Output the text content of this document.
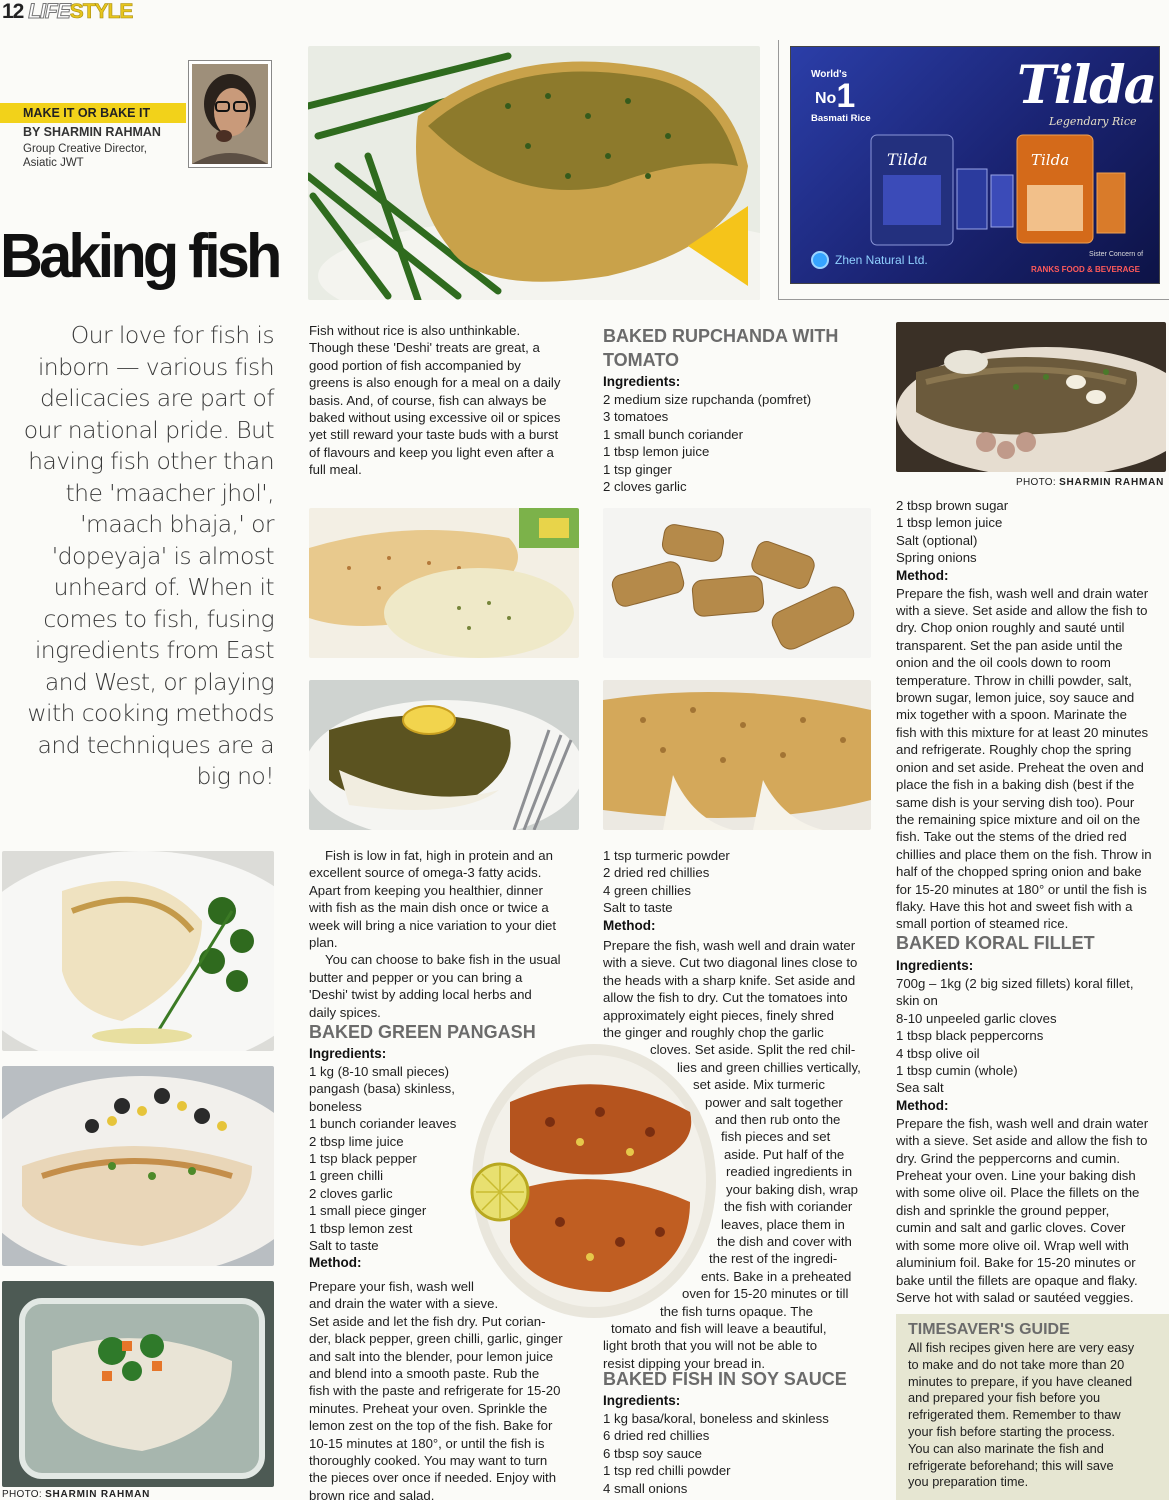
12 LIFESTYLE
MAKE IT OR BAKE IT
BY SHARMIN RAHMAN
Group Creative Director,
Asiatic JWT
Baking fish
Our love for fish is
inborn — various fish
delicacies are part of
our national pride. But
having fish other than
the 'maacher jhol',
'maach bhaja,' or
'dopeyaja' is almost
unheard of. When it
comes to fish, fusing
ingredients from East
and West, or playing
with cooking methods
and techniques are a
big no!
World's
No1
Basmati Rice
Tilda
Legendary Rice
Tilda	Tilda
Zhen Natural Ltd.	Sister Concern of
RANKS FOOD & BEVERAGE
Fish without rice is also unthinkable.
Though these 'Deshi' treats are great, a
good portion of fish accompanied by
greens is also enough for a meal on a daily
basis. And, of course, fish can always be
baked without using excessive oil or spices
yet still reward your taste buds with a burst
of flavours and keep you light even after a
full meal.

Fish is low in fat, high in protein and an

excellent source of omega-3 fatty acids.
Apart from keeping you healthier, dinner
with fish as the main dish once or twice a
week will bring a nice variation to your diet
plan.
You can choose to bake fish in the usual
butter and pepper or you can bring a
'Deshi' twist by adding local herbs and
daily spices.
BAKED GREEN PANGASH
Ingredients:
1 kg (8-10 small pieces)
pangash (basa) skinless,
boneless
1 bunch coriander leaves
2 tbsp lime juice
1 tsp black pepper
1 green chilli
2 cloves garlic
1 small piece ginger
1 tbsp lemon zest
Salt to taste
Method:
Prepare your fish, wash well
and drain the water with a sieve.
Set aside and let the fish dry. Put corian-
der, black pepper, green chilli, garlic, ginger
and salt into the blender, pour lemon juice
and blend into a smooth paste. Rub the
fish with the paste and refrigerate for 15-20
minutes. Preheat your oven. Sprinkle the
lemon zest on the top of the fish. Bake for
10-15 minutes at 180°, or until the fish is
thoroughly cooked. You may want to turn
the pieces over once if needed. Enjoy with
brown rice and salad.
BAKED RUPCHANDA WITH
TOMATO
Ingredients:
2 medium size rupchanda (pomfret)
3 tomatoes
1 small bunch coriander
1 tbsp lemon juice
1 tsp ginger
2 cloves garlic
1 tsp turmeric powder
2 dried red chillies
4 green chillies
Salt to taste
Method:
Prepare the fish, wash well and drain water
with a sieve. Cut two diagonal lines close to
the heads with a sharp knife. Set aside and
allow the fish to dry. Cut the tomatoes into
approximately eight pieces, finely shred
the ginger and roughly chop the garlic
cloves. Set aside. Split the red chil-
lies and green chillies vertically,
set aside. Mix turmeric
power and salt together
and then rub onto the
fish pieces and set
aside. Put half of the
readied ingredients in
your baking dish, wrap
the fish with coriander
leaves, place them in
the dish and cover with
the rest of the ingredi-
ents. Bake in a preheated
oven for 15-20 minutes or till
the fish turns opaque. The
tomato and fish will leave a beautiful,
light broth that you will not be able to
resist dipping your bread in.
BAKED FISH IN SOY SAUCE
Ingredients:
1 kg basa/koral, boneless and skinless
6 dried red chillies
6 tbsp soy sauce
1 tsp red chilli powder
4 small onions
PHOTO: SHARMIN RAHMAN
2 tbsp brown sugar
1 tbsp lemon juice
Salt (optional)
Spring onions
Method:
Prepare the fish, wash well and drain water
with a sieve. Set aside and allow the fish to
dry. Chop onion roughly and sauté until
transparent. Set the pan aside until the
onion and the oil cools down to room
temperature. Throw in chilli powder, salt,
brown sugar, lemon juice, soy sauce and
mix together with a spoon. Marinate the
fish with this mixture for at least 20 minutes
and refrigerate. Roughly chop the spring
onion and set aside. Preheat the oven and
place the fish in a baking dish (best if the
same dish is your serving dish too). Pour
the remaining spice mixture and oil on the
fish. Take out the stems of the dried red
chillies and place them on the fish. Throw in
half of the chopped spring onion and bake
for 15-20 minutes at 180° or until the fish is
flaky. Have this hot and sweet fish with a
small portion of steamed rice.
BAKED KORAL FILLET
Ingredients:
700g – 1kg (2 big sized fillets) koral fillet,
skin on
8-10 unpeeled garlic cloves
1 tbsp black peppercorns
4 tbsp olive oil
1 tbsp cumin (whole)
Sea salt
Method:
Prepare the fish, wash well and drain water
with a sieve. Set aside and allow the fish to
dry. Grind the peppercorns and cumin.
Preheat your oven. Line your baking dish
with some olive oil. Place the fillets on the
dish and sprinkle the ground pepper,
cumin and salt and garlic cloves. Cover
with some more olive oil. Wrap well with
aluminium foil. Bake for 15-20 minutes or
bake until the fillets are opaque and flaky.
Serve hot with salad or sautéed veggies.
TIMESAVER'S GUIDE
All fish recipes given here are very easy
to make and do not take more than 20
minutes to prepare, if you have cleaned
and prepared your fish before you
refrigerated them. Remember to thaw
your fish before starting the process.
You can also marinate the fish and
refrigerate beforehand; this will save
you preparation time.
PHOTO: SHARMIN RAHMAN
